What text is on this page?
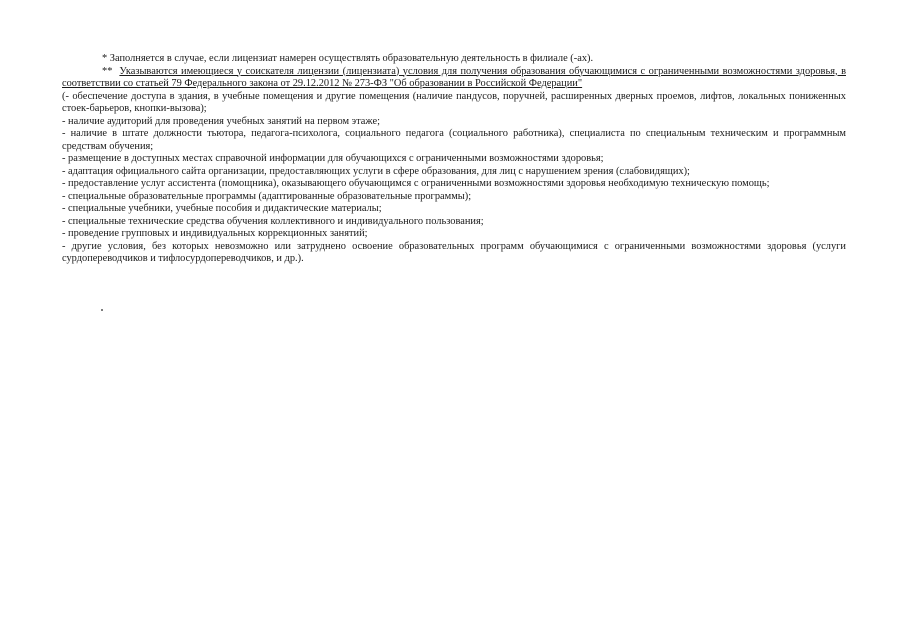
* Заполняется в случае, если лицензиат намерен осуществлять образовательную деятельность в филиале (-ах).

** Указываются имеющиеся у соискателя лицензии (лицензиата) условия для получения образования обучающимися с ограниченными возможностями здоровья, в соответствии со статьей 79 Федерального закона от 29.12.2012 № 273-ФЗ "Об образовании в Российской Федерации"

(- обеспечение доступа в здания, в учебные помещения и другие помещения (наличие пандусов, поручней, расширенных дверных проемов, лифтов, локальных пониженных стоек-барьеров, кнопки-вызова);

- наличие аудиторий для проведения учебных занятий на первом этаже;

- наличие в штате должности тьютора, педагога-психолога, социального педагога (социального работника), специалиста по специальным техническим и программным средствам обучения;

- размещение в доступных местах справочной информации для обучающихся с ограниченными возможностями здоровья;

- адаптация официального сайта организации, предоставляющих услуги в сфере образования, для лиц с нарушением зрения (слабовидящих);

- предоставление услуг ассистента (помощника), оказывающего обучающимся с ограниченными возможностями здоровья необходимую техническую помощь;

- специальные образовательные программы (адаптированные образовательные программы);

- специальные учебники, учебные пособия и дидактические материалы;

- специальные технические средства обучения коллективного и индивидуального пользования;

- проведение групповых и индивидуальных коррекционных занятий;

- другие условия, без которых невозможно или затруднено освоение образовательных программ обучающимися с ограниченными возможностями здоровья (услуги сурдопереводчиков и тифлосурдопереводчиков, и др.).
